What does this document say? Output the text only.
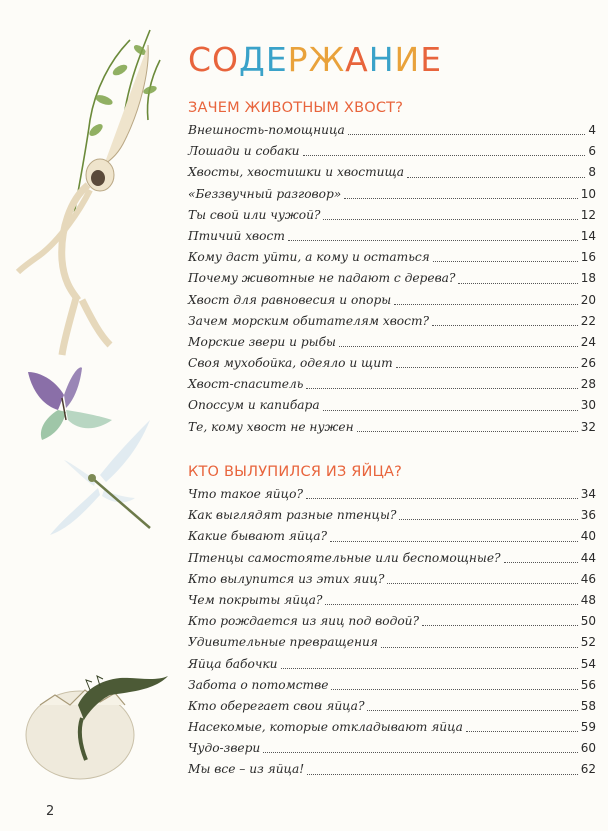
СОДЕРЖАНИЕ
ЗАЧЕМ ЖИВОТНЫМ ХВОСТ?
Внешность-помощница	4
Лошади и собаки	6
Хвосты, хвостишки и хвостища	8
«Беззвучный разговор»	10
Ты свой или чужой?	12
Птичий хвост	14
Кому даст уйти, а кому и остаться	16
Почему животные не падают с дерева?	18
Хвост для равновесия и опоры	20
Зачем морским обитателям хвост?	22
Морские звери и рыбы	24
Своя мухобойка, одеяло и щит	26
Хвост-спаситель	28
Опоссум и капибара	30
Те, кому хвост не нужен	32
КТО ВЫЛУПИЛСЯ ИЗ ЯЙЦА?
Что такое яйцо?	34
Как выглядят разные птенцы?	36
Какие бывают яйца?	40
Птенцы самостоятельные или беспомощные?	44
Кто вылупится из этих яиц?	46
Чем покрыты яйца?	48
Кто рождается из яиц под водой?	50
Удивительные превращения	52
Яйца бабочки	54
Забота о потомстве	56
Кто оберегает свои яйца?	58
Насекомые, которые откладывают яйца	59
Чудо-звери	60
Мы все – из яйца!	62
2
